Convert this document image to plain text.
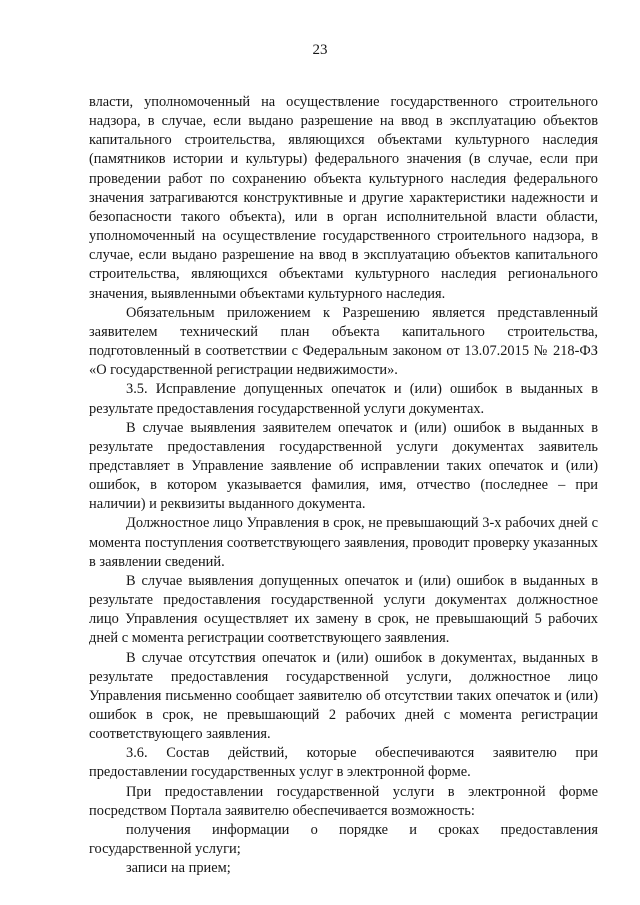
23

власти, уполномоченный на осуществление государственного строительного надзора, в случае, если выдано разрешение на ввод в эксплуатацию объектов капитального строительства, являющихся объектами культурного наследия (памятников истории и культуры) федерального значения (в случае, если при проведении работ по сохранению объекта культурного наследия федерального значения затрагиваются конструктивные и другие характеристики надежности и безопасности такого объекта), или в орган исполнительной власти области, уполномоченный на осуществление государственного строительного надзора, в случае, если выдано разрешение на ввод в эксплуатацию объектов капитального строительства, являющихся объектами культурного наследия регионального значения, выявленными объектами культурного наследия.

Обязательным приложением к Разрешению является представленный заявителем технический план объекта капитального строительства, подготовленный в соответствии с Федеральным законом от 13.07.2015 № 218-ФЗ «О государственной регистрации недвижимости».

3.5. Исправление допущенных опечаток и (или) ошибок в выданных в результате предоставления государственной услуги документах.

В случае выявления заявителем опечаток и (или) ошибок в выданных в результате предоставления государственной услуги документах заявитель представляет в Управление заявление об исправлении таких опечаток и (или) ошибок, в котором указывается фамилия, имя, отчество (последнее – при наличии) и реквизиты выданного документа.

Должностное лицо Управления в срок, не превышающий 3-х рабочих дней с момента поступления соответствующего заявления, проводит проверку указанных в заявлении сведений.

В случае выявления допущенных опечаток и (или) ошибок в выданных в результате предоставления государственной услуги документах должностное лицо Управления осуществляет их замену в срок, не превышающий 5 рабочих дней с момента регистрации соответствующего заявления.

В случае отсутствия опечаток и (или) ошибок в документах, выданных в результате предоставления государственной услуги, должностное лицо Управления письменно сообщает заявителю об отсутствии таких опечаток и (или) ошибок в срок, не превышающий 2 рабочих дней с момента регистрации соответствующего заявления.

3.6. Состав действий, которые обеспечиваются заявителю при предоставлении государственных услуг в электронной форме.

При предоставлении государственной услуги в электронной форме посредством Портала заявителю обеспечивается возможность:

получения информации о порядке и сроках предоставления государственной услуги;

записи на прием;
